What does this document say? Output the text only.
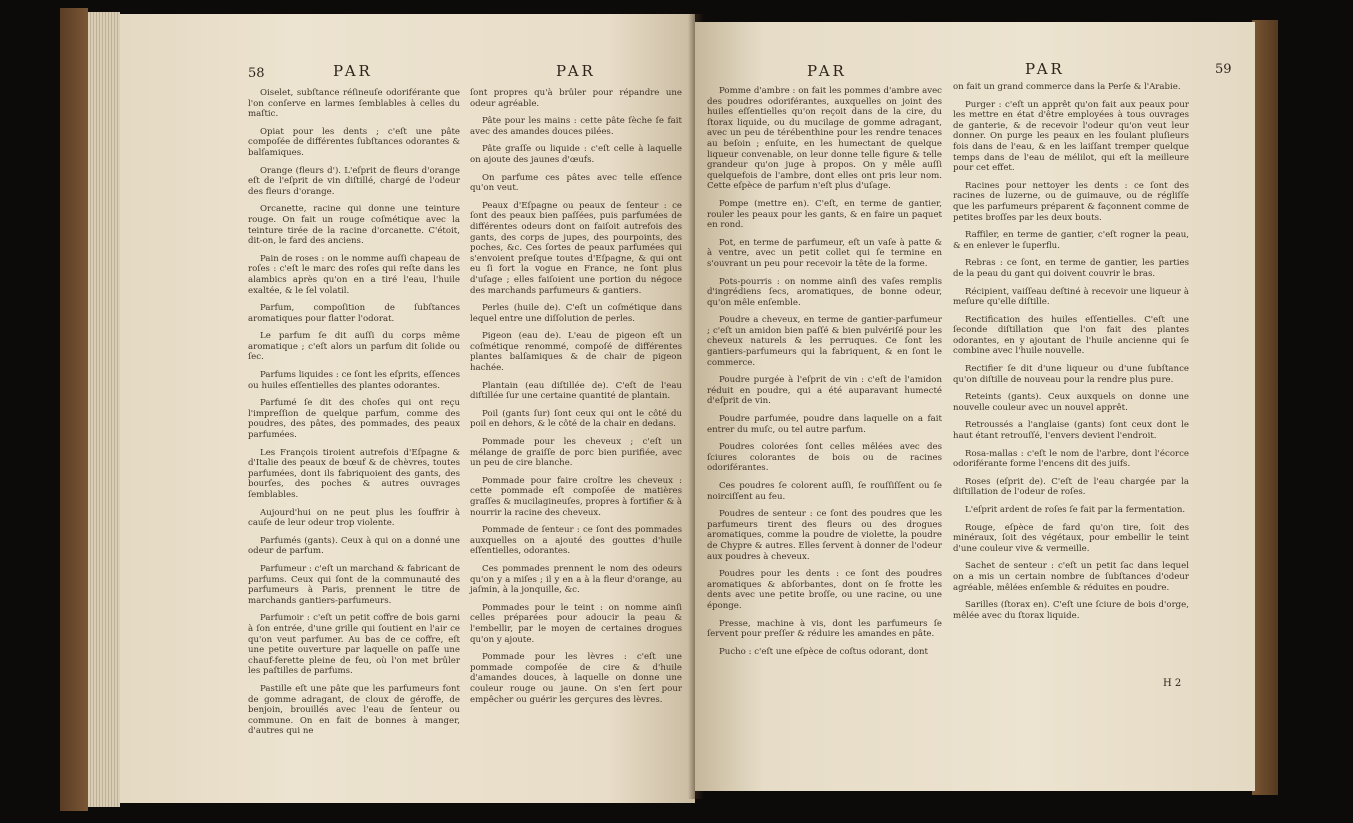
58	PAR	PAR

Oiselet, subſtance réſineuſe odoriférante que l'on conſerve en larmes ſemblables à celles du maſtic.

Opiat pour les dents ; c'eſt une pâte compoſée de différentes ſubſtances odorantes & balſamiques.

Orange (fleurs d'). L'eſprit de fleurs d'orange eſt de l'eſprit de vin diſtillé, chargé de l'odeur des fleurs d'orange.

Orcanette, racine qui donne une teinture rouge. On fait un rouge coſmétique avec la teinture tirée de la racine d'orcanette. C'étoit, dit-on, le fard des anciens.

Pain de roses : on le nomme auſſi chapeau de roſes : c'eſt le marc des roſes qui reſte dans les alambics après qu'on en a tiré l'eau, l'huile exaltée, & le ſel volatil.

Parfum, compoſition de ſubſtances aromatiques pour flatter l'odorat.

Le parfum ſe dit auſſi du corps même aromatique ; c'eſt alors un parfum dit ſolide ou ſec.

Parfums liquides : ce ſont les eſprits, eſſences ou huiles eſſentielles des plantes odorantes.

Parfumé ſe dit des choſes qui ont reçu l'impreſſion de quelque parfum, comme des poudres, des pâtes, des pommades, des peaux parfumées.

Les François tiroient autrefois d'Eſpagne & d'Italie des peaux de bœuf & de chèvres, toutes parfumées, dont ils fabriquoient des gants, des bourſes, des poches & autres ouvrages ſemblables.

Aujourd'hui on ne peut plus les ſouffrir à cauſe de leur odeur trop violente.

Parfumés (gants). Ceux à qui on a donné une odeur de parfum.

Parfumeur : c'eſt un marchand & fabricant de parfums. Ceux qui ſont de la communauté des parfumeurs à Paris, prennent le titre de marchands gantiers-parfumeurs.

Parfumoir : c'eſt un petit coffre de bois garni à ſon entrée, d'une grille qui ſoutient en l'air ce qu'on veut parfumer. Au bas de ce coffre, eſt une petite ouverture par laquelle on paſſe une chauf-ferette pleine de feu, où l'on met brûler les paſtilles de parfums.

Pastille eſt une pâte que les parfumeurs font de gomme adragant, de cloux de géroffe, de benjoin, brouillés avec l'eau de ſenteur ou commune. On en fait de bonnes à manger, d'autres qui ne

ſont propres qu'à brûler pour répandre une odeur agréable.

Pâte pour les mains : cette pâte ſèche ſe fait avec des amandes douces pilées.

Pâte graſſe ou liquide : c'eſt celle à laquelle on ajoute des jaunes d'œufs.

On parfume ces pâtes avec telle eſſence qu'on veut.

Peaux d'Eſpagne ou peaux de ſenteur : ce ſont des peaux bien paſſées, puis parfumées de différentes odeurs dont on faiſoit autrefois des gants, des corps de jupes, des pourpoints, des poches, &c. Ces ſortes de peaux parfumées qui s'envoient preſque toutes d'Eſpagne, & qui ont eu ſi fort la vogue en France, ne ſont plus d'uſage ; elles faiſoient une portion du négoce des marchands parfumeurs & gantiers.

Perles (huile de). C'eſt un coſmétique dans lequel entre une diſſolution de perles.

Pigeon (eau de). L'eau de pigeon eſt un coſmétique renommé, compoſé de différentes plantes balſamiques & de chair de pigeon hachée.

Plantain (eau diſtillée de). C'eſt de l'eau diſtillée ſur une certaine quantité de plantain.

Poil (gants ſur) ſont ceux qui ont le côté du poil en dehors, & le côté de la chair en dedans.

Pommade pour les cheveux ; c'eſt un mélange de graiſſe de porc bien purifiée, avec un peu de cire blanche.

Pommade pour faire croître les cheveux : cette pommade eſt compoſée de matières graſſes & mucilagineuſes, propres à fortifier & à nourrir la racine des cheveux.

Pommade de ſenteur : ce ſont des pommades auxquelles on a ajouté des gouttes d'huile eſſentielles, odorantes.

Ces pommades prennent le nom des odeurs qu'on y a miſes ; il y en a à la fleur d'orange, au jaſmin, à la jonquille, &c.

Pommades pour le teint : on nomme ainſi celles préparées pour adoucir la peau & l'embellir, par le moyen de certaines drogues qu'on y ajoute.

Pommade pour les lèvres : c'eſt une pommade compoſée de cire & d'huile d'amandes douces, à laquelle on donne une couleur rouge ou jaune. On s'en ſert pour empêcher ou guérir les gerçures des lèvres.

PAR	PAR	59

Pomme d'ambre : on fait les pommes d'ambre avec des poudres odoriférantes, auxquelles on joint des huiles eſſentielles qu'on reçoit dans de la cire, du ſtorax liquide, ou du mucilage de gomme adragant, avec un peu de térébenthine pour les rendre tenaces au beſoin ; enſuite, en les humectant de quelque liqueur convenable, on leur donne telle figure & telle grandeur qu'on juge à propos. On y mêle auſſi quelquefois de l'ambre, dont elles ont pris leur nom. Cette eſpèce de parfum n'eſt plus d'uſage.

Pompe (mettre en). C'eſt, en terme de gantier, rouler les peaux pour les gants, & en faire un paquet en rond.

Pot, en terme de parfumeur, eſt un vaſe à patte & à ventre, avec un petit collet qui ſe termine en s'ouvrant un peu pour recevoir la tête de la forme.

Pots-pourris : on nomme ainſi des vaſes remplis d'ingrédiens ſecs, aromatiques, de bonne odeur, qu'on mêle enſemble.

Poudre a cheveux, en terme de gantier-parfumeur ; c'eſt un amidon bien paſſé & bien pulvériſé pour les cheveux naturels & les perruques. Ce ſont les gantiers-parfumeurs qui la fabriquent, & en ſont le commerce.

Poudre purgée à l'eſprit de vin : c'eſt de l'amidon réduit en poudre, qui a été auparavant humecté d'eſprit de vin.

Poudre parfumée, poudre dans laquelle on a fait entrer du muſc, ou tel autre parfum.

Poudres colorées ſont celles mêlées avec des ſciures colorantes de bois ou de racines odoriférantes.

Ces poudres ſe colorent auſſi, ſe rouſſiſſent ou ſe noirciſſent au feu.

Poudres de senteur : ce ſont des poudres que les parfumeurs tirent des fleurs ou des drogues aromatiques, comme la poudre de violette, la poudre de Chypre & autres. Elles ſervent à donner de l'odeur aux poudres à cheveux.

Poudres pour les dents : ce ſont des poudres aromatiques & abſorbantes, dont on ſe frotte les dents avec une petite broſſe, ou une racine, ou une éponge.

Presse, machine à vis, dont les parfumeurs ſe ſervent pour preſſer & réduire les amandes en pâte.

Pucho : c'eſt une eſpèce de coſtus odorant, dont

on fait un grand commerce dans la Perſe & l'Arabie.

Purger : c'eſt un apprêt qu'on fait aux peaux pour les mettre en état d'être employées à tous ouvrages de ganterie, & de recevoir l'odeur qu'on veut leur donner. On purge les peaux en les foulant pluſieurs fois dans de l'eau, & en les laiſſant tremper quelque temps dans de l'eau de mélilot, qui eſt la meilleure pour cet effet.

Racines pour nettoyer les dents : ce ſont des racines de luzerne, ou de guimauve, ou de régliſſe que les parfumeurs préparent & façonnent comme de petites broſſes par les deux bouts.

Raffiler, en terme de gantier, c'eſt rogner la peau, & en enlever le ſuperflu.

Rebras : ce ſont, en terme de gantier, les parties de la peau du gant qui doivent couvrir le bras.

Récipient, vaiſſeau deſtiné à recevoir une liqueur à meſure qu'elle diſtille.

Rectification des huiles eſſentielles. C'eſt une ſeconde diſtillation que l'on fait des plantes odorantes, en y ajoutant de l'huile ancienne qui ſe combine avec l'huile nouvelle.

Rectifier ſe dit d'une liqueur ou d'une ſubſtance qu'on diſtille de nouveau pour la rendre plus pure.

Reteints (gants). Ceux auxquels on donne une nouvelle couleur avec un nouvel apprêt.

Retroussés a l'anglaise (gants) ſont ceux dont le haut étant retrouſſé, l'envers devient l'endroit.

Rosa-mallas : c'eſt le nom de l'arbre, dont l'écorce odoriférante forme l'encens dit des juifs.

Roses (eſprit de). C'eſt de l'eau chargée par la diſtillation de l'odeur de roſes.

L'eſprit ardent de roſes ſe fait par la fermentation.

Rouge, eſpèce de fard qu'on tire, ſoit des minéraux, ſoit des végétaux, pour embellir le teint d'une couleur vive & vermeille.

Sachet de senteur : c'eſt un petit ſac dans lequel on a mis un certain nombre de ſubſtances d'odeur agréable, mêlées enſemble & réduites en poudre.

Sarilles (ſtorax en). C'eſt une ſciure de bois d'orge, mêlée avec du ſtorax liquide.

H 2
